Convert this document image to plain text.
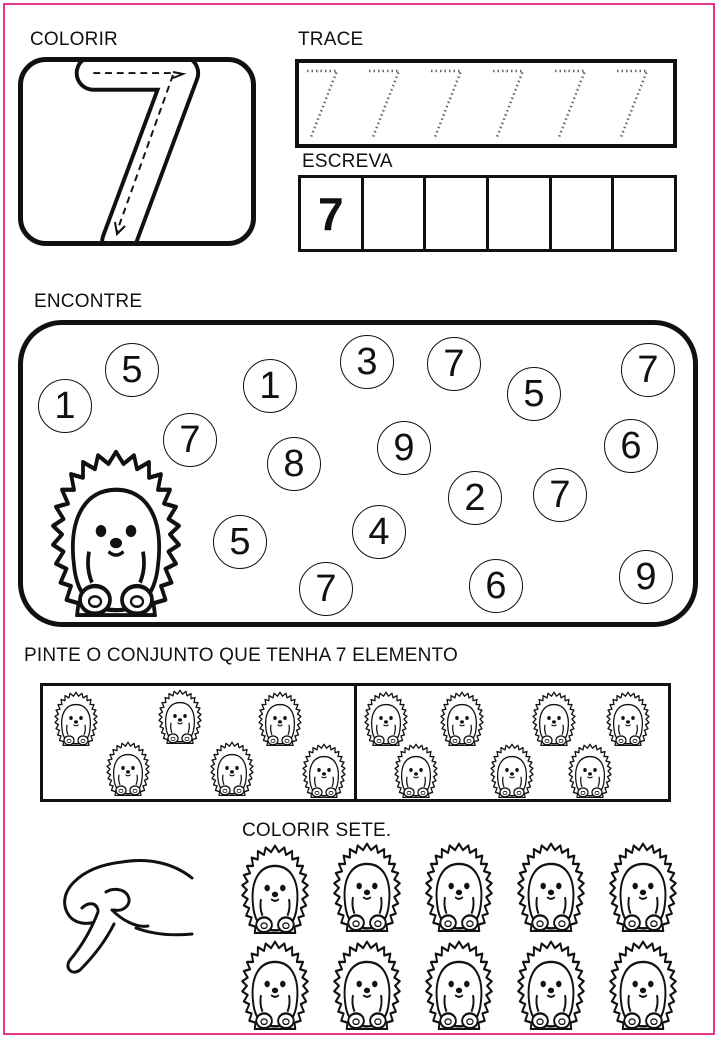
COLORIR	TRACE
ESCREVA
7
ENCONTRE
1
5
7
1
3	7
5
7
8	9	6
2	7
5	4
7	6	9
PINTE O CONJUNTO QUE TENHA 7 ELEMENTO
COLORIR SETE.
